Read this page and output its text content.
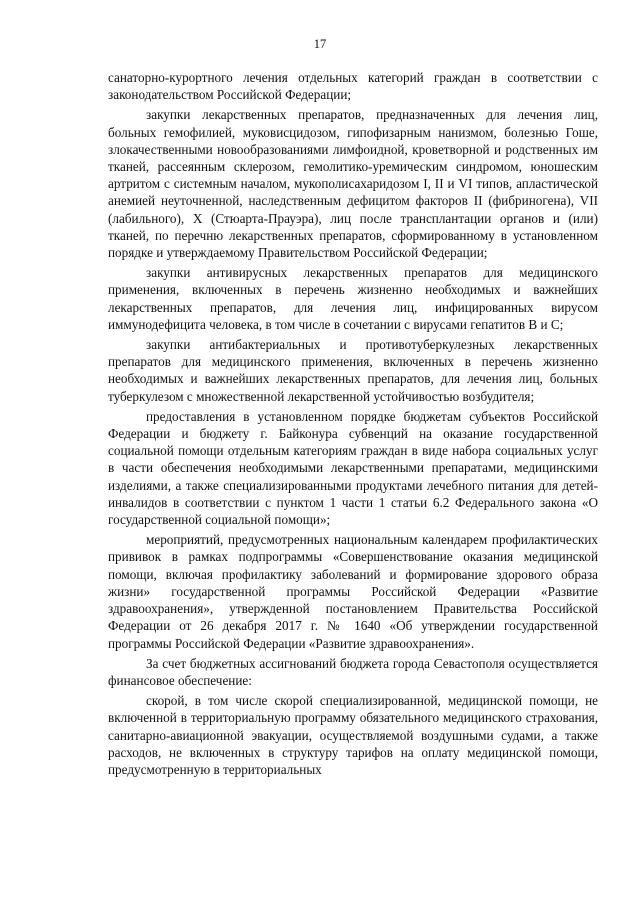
17

санаторно-курортного лечения отдельных категорий граждан в соответствии с законодательством Российской Федерации;

закупки лекарственных препаратов, предназначенных для лечения лиц, больных гемофилией, муковисцидозом, гипофизарным нанизмом, болезнью Гоше, злокачественными новообразованиями лимфоидной, кроветворной и родственных им тканей, рассеянным склерозом, гемолитико-уремическим синдромом, юношеским артритом с системным началом, мукополисахаридозом I, II и VI типов, апластической анемией неуточненной, наследственным дефицитом факторов II (фибриногена), VII (лабильного), X (Стюарта-Прауэра), лиц после трансплантации органов и (или) тканей, по перечню лекарственных препаратов, сформированному в установленном порядке и утверждаемому Правительством Российской Федерации;

закупки антивирусных лекарственных препаратов для медицинского применения, включенных в перечень жизненно необходимых и важнейших лекарственных препаратов, для лечения лиц, инфицированных вирусом иммунодефицита человека, в том числе в сочетании с вирусами гепатитов В и С;

закупки антибактериальных и противотуберкулезных лекарственных препаратов для медицинского применения, включенных в перечень жизненно необходимых и важнейших лекарственных препаратов, для лечения лиц, больных туберкулезом с множественной лекарственной устойчивостью возбудителя;

предоставления в установленном порядке бюджетам субъектов Российской Федерации и бюджету г. Байконура субвенций на оказание государственной социальной помощи отдельным категориям граждан в виде набора социальных услуг в части обеспечения необходимыми лекарственными препаратами, медицинскими изделиями, а также специализированными продуктами лечебного питания для детей-инвалидов в соответствии с пунктом 1 части 1 статьи 6.2 Федерального закона «О государственной социальной помощи»;

мероприятий, предусмотренных национальным календарем профилактических прививок в рамках подпрограммы «Совершенствование оказания медицинской помощи, включая профилактику заболеваний и формирование здорового образа жизни» государственной программы Российской Федерации «Развитие здравоохранения», утвержденной постановлением Правительства Российской Федерации от 26 декабря 2017 г. № 1640 «Об утверждении государственной программы Российской Федерации «Развитие здравоохранения».

За счет бюджетных ассигнований бюджета города Севастополя осуществляется финансовое обеспечение:

скорой, в том числе скорой специализированной, медицинской помощи, не включенной в территориальную программу обязательного медицинского страхования, санитарно-авиационной эвакуации, осуществляемой воздушными судами, а также расходов, не включенных в структуру тарифов на оплату медицинской помощи, предусмотренную в территориальных
